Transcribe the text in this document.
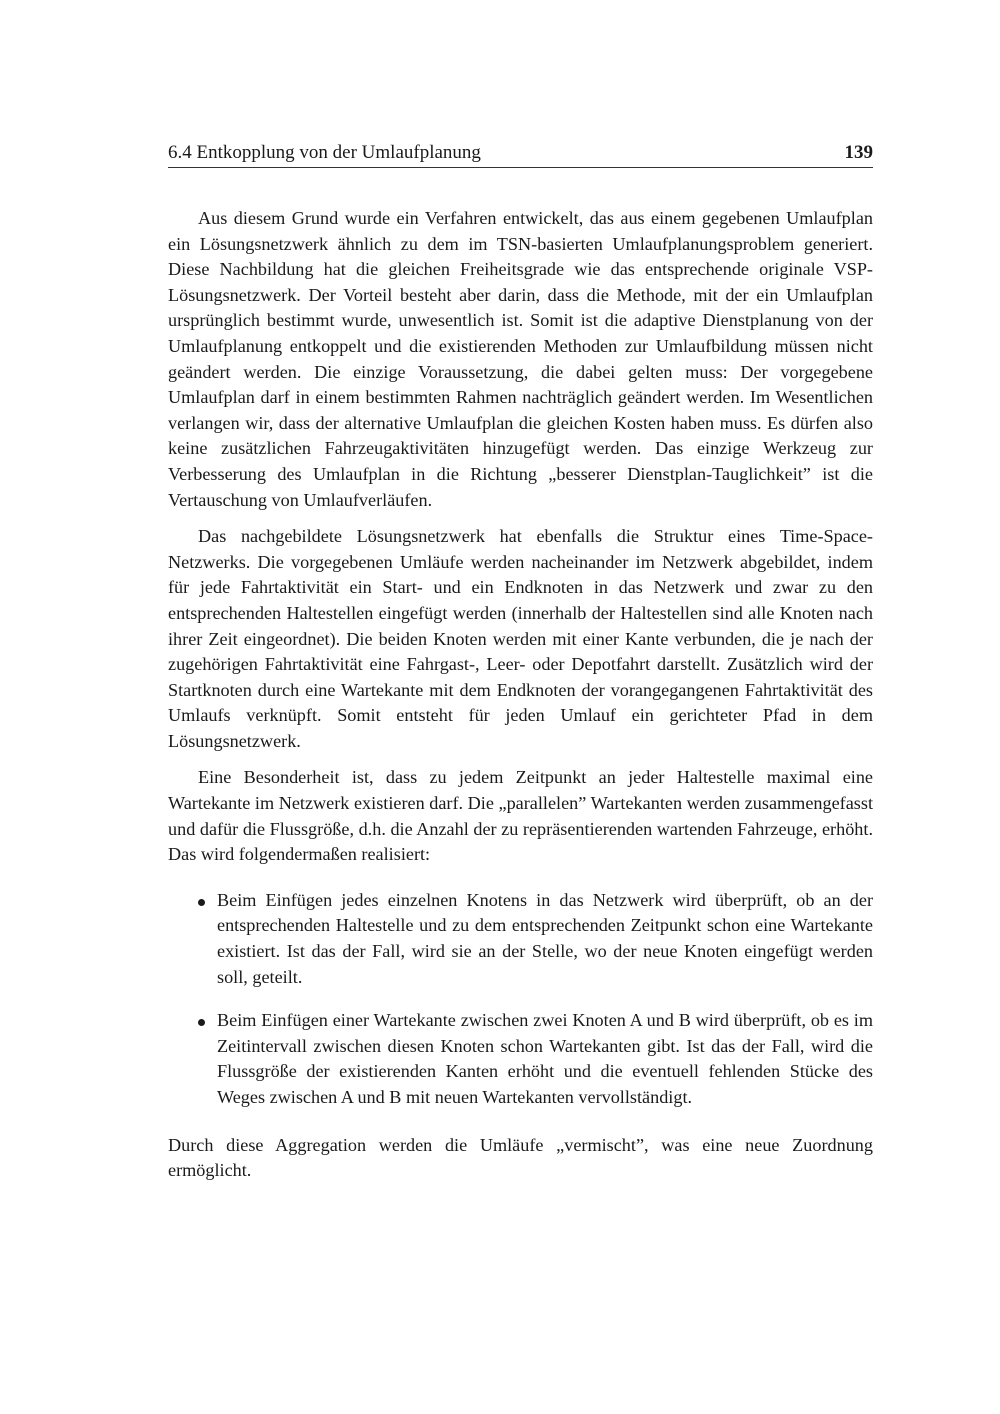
6.4 Entkopplung von der Umlaufplanung	139

Aus diesem Grund wurde ein Verfahren entwickelt, das aus einem gegebenen Umlaufplan ein Lösungsnetzwerk ähnlich zu dem im TSN-basierten Umlaufplanungsproblem generiert. Diese Nachbildung hat die gleichen Freiheitsgrade wie das entsprechende originale VSP-Lösungsnetzwerk. Der Vorteil besteht aber darin, dass die Methode, mit der ein Umlaufplan ursprünglich bestimmt wurde, unwesentlich ist. Somit ist die adaptive Dienstplanung von der Umlaufplanung entkoppelt und die existierenden Methoden zur Umlaufbildung müssen nicht geändert werden. Die einzige Voraussetzung, die dabei gelten muss: Der vorgegebene Umlaufplan darf in einem bestimmten Rahmen nachträglich geändert werden. Im Wesentlichen verlangen wir, dass der alternative Umlaufplan die gleichen Kosten haben muss. Es dürfen also keine zusätzlichen Fahrzeugaktivitäten hinzugefügt werden. Das einzige Werkzeug zur Verbesserung des Umlaufplan in die Richtung „besserer Dienstplan-Tauglichkeit” ist die Vertauschung von Umlaufverläufen.

Das nachgebildete Lösungsnetzwerk hat ebenfalls die Struktur eines Time-Space-Netzwerks. Die vorgegebenen Umläufe werden nacheinander im Netzwerk abgebildet, indem für jede Fahrtaktivität ein Start- und ein Endknoten in das Netzwerk und zwar zu den entsprechenden Haltestellen eingefügt werden (innerhalb der Haltestellen sind alle Knoten nach ihrer Zeit eingeordnet). Die beiden Knoten werden mit einer Kante verbunden, die je nach der zugehörigen Fahrtaktivität eine Fahrgast-, Leer- oder Depotfahrt darstellt. Zusätzlich wird der Startknoten durch eine Wartekante mit dem Endknoten der vorangegangenen Fahrtaktivität des Umlaufs verknüpft. Somit entsteht für jeden Umlauf ein gerichteter Pfad in dem Lösungsnetzwerk.

Eine Besonderheit ist, dass zu jedem Zeitpunkt an jeder Haltestelle maximal eine Wartekante im Netzwerk existieren darf. Die „parallelen” Wartekanten werden zusammengefasst und dafür die Flussgröße, d.h. die Anzahl der zu repräsentierenden wartenden Fahrzeuge, erhöht. Das wird folgendermaßen realisiert:

Beim Einfügen jedes einzelnen Knotens in das Netzwerk wird überprüft, ob an der entsprechenden Haltestelle und zu dem entsprechenden Zeitpunkt schon eine Wartekante existiert. Ist das der Fall, wird sie an der Stelle, wo der neue Knoten eingefügt werden soll, geteilt.
Beim Einfügen einer Wartekante zwischen zwei Knoten A und B wird überprüft, ob es im Zeitintervall zwischen diesen Knoten schon Wartekanten gibt. Ist das der Fall, wird die Flussgröße der existierenden Kanten erhöht und die eventuell fehlenden Stücke des Weges zwischen A und B mit neuen Wartekanten vervollständigt.

Durch diese Aggregation werden die Umläufe „vermischt”, was eine neue Zuordnung ermöglicht.
